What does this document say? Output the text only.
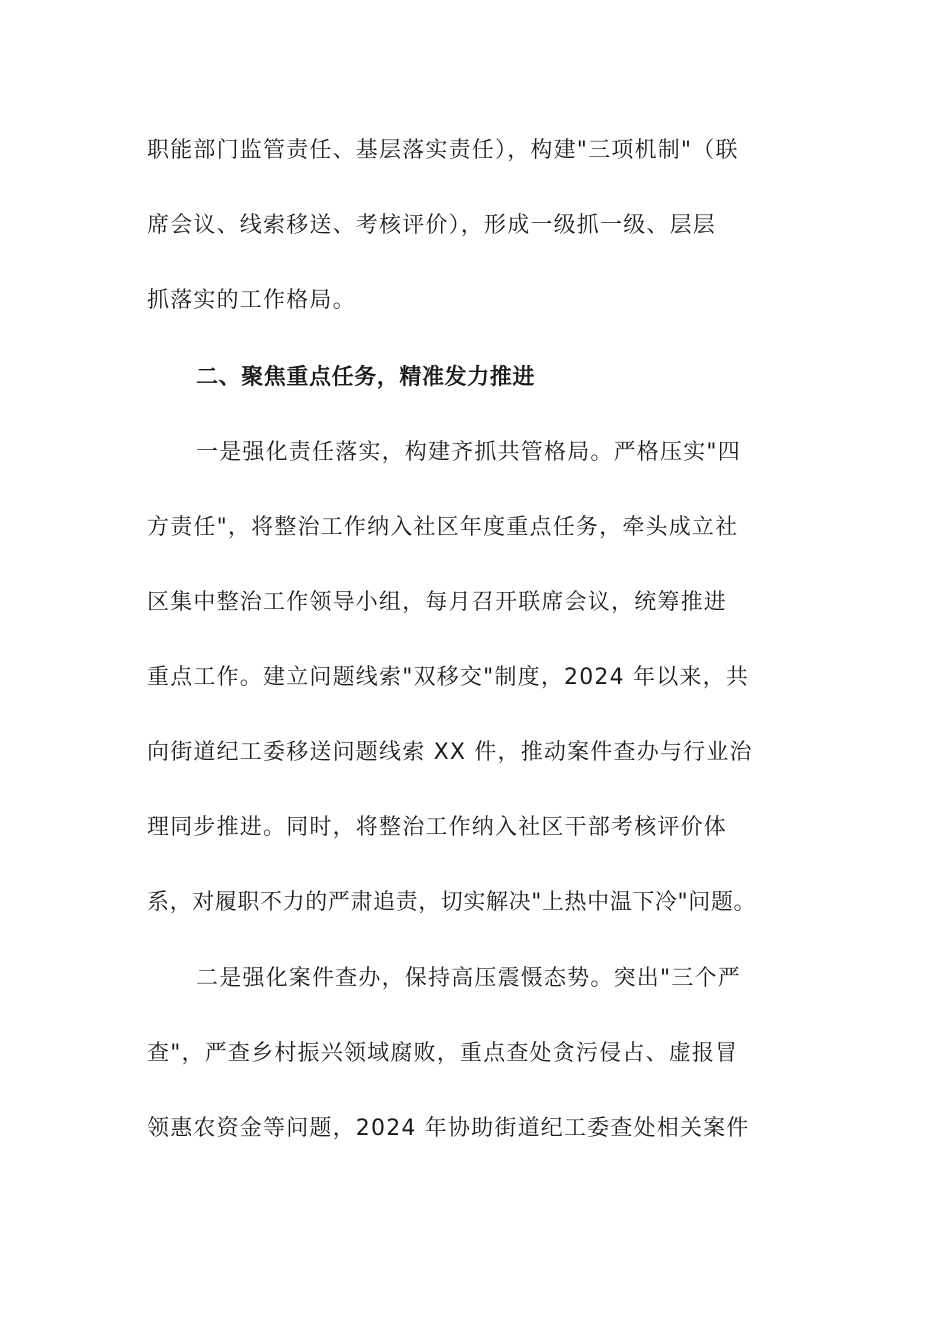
职能部门监管责任、基层落实责任），构建"三项机制"（联
席会议、线索移送、考核评价），形成一级抓一级、层层
抓落实的工作格局。
二、聚焦重点任务，精准发力推进
一是强化责任落实，构建齐抓共管格局。严格压实"四
方责任"，将整治工作纳入社区年度重点任务，牵头成立社
区集中整治工作领导小组，每月召开联席会议，统筹推进
重点工作。建立问题线索"双移交"制度，2024 年以来，共
向街道纪工委移送问题线索 XX 件，推动案件查办与行业治
理同步推进。同时，将整治工作纳入社区干部考核评价体
系，对履职不力的严肃追责，切实解决"上热中温下冷"问题。
二是强化案件查办，保持高压震慑态势。突出"三个严
查"，严查乡村振兴领域腐败，重点查处贪污侵占、虚报冒
领惠农资金等问题，2024 年协助街道纪工委查处相关案件
